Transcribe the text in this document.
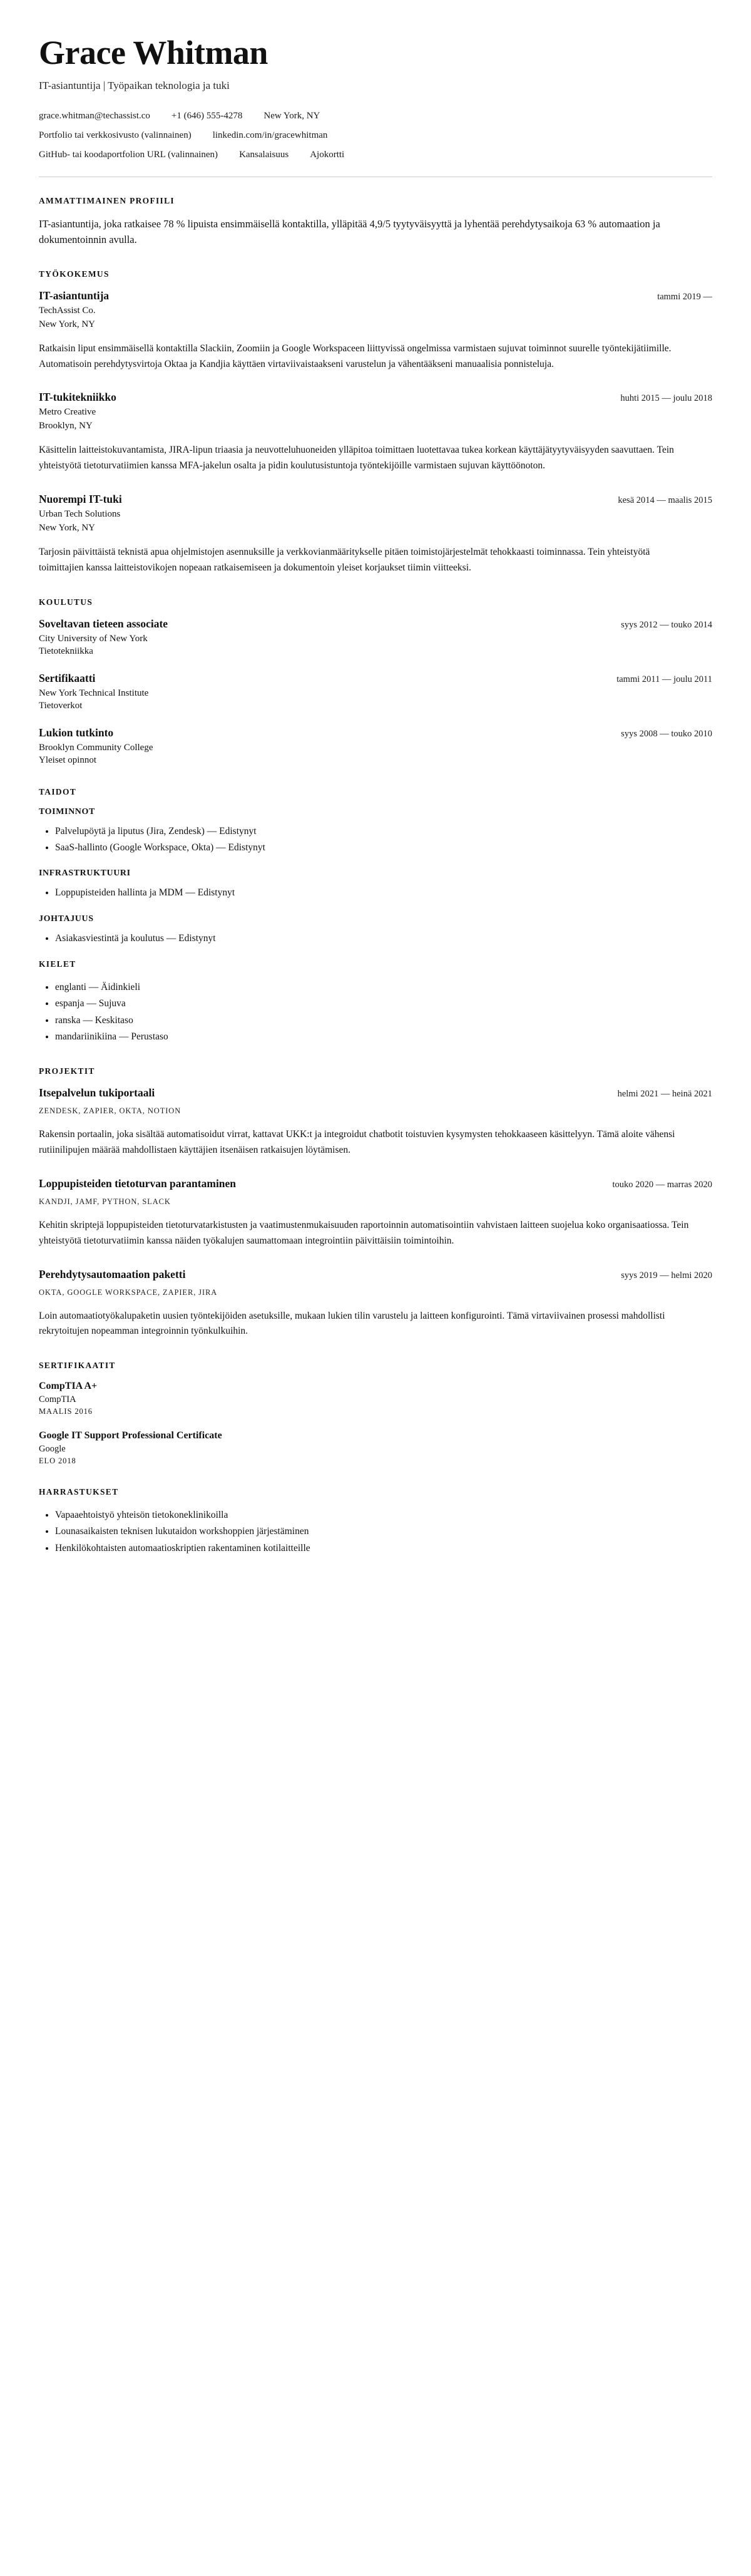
Grace Whitman
IT-asiantuntija | Työpaikan teknologia ja tuki
grace.whitman@techassist.co +1 (646) 555-4278 New York, NY
Portfolio tai verkkosivusto (valinnainen) linkedin.com/in/gracewhitman
GitHub- tai koodaportfolion URL (valinnainen) Kansalaisuus Ajokortti
AMMATTIMAINEN PROFIILI

IT-asiantuntija, joka ratkaisee 78 % lipuista ensimmäisellä kontaktilla, ylläpitää 4,9/5 tyytyväisyyttä ja lyhentää perehdytysaikoja 63 % automaation ja dokumentoinnin avulla.

TYÖKOKEMUS
IT-asiantuntija	tammi 2019 —
TechAssist Co.
New York, NY

Ratkaisin liput ensimmäisellä kontaktilla Slackiin, Zoomiin ja Google Workspaceen liittyvissä ongelmissa varmistaen sujuvat toiminnot suurelle työntekijätiimille. Automatisoin perehdytysvirtoja Oktaa ja Kandjia käyttäen virtaviivaistaakseni varustelun ja vähentääkseni manuaalisia ponnisteluja.

IT-tukitekniikko	huhti 2015 — joulu 2018
Metro Creative
Brooklyn, NY

Käsittelin laitteistokuvantamista, JIRA-lipun triaasia ja neuvotteluhuoneiden ylläpitoa toimittaen luotettavaa tukea korkean käyttäjätyytyväisyyden saavuttaen. Tein yhteistyötä tietoturvatiimien kanssa MFA-jakelun osalta ja pidin koulutusistuntoja työntekijöille varmistaen sujuvan käyttöönoton.

Nuorempi IT-tuki	kesä 2014 — maalis 2015
Urban Tech Solutions
New York, NY

Tarjosin päivittäistä teknistä apua ohjelmistojen asennuksille ja verkkovianmääritykselle pitäen toimistojärjestelmät tehokkaasti toiminnassa. Tein yhteistyötä toimittajien kanssa laitteistovikojen nopeaan ratkaisemiseen ja dokumentoin yleiset korjaukset tiimin viitteeksi.

KOULUTUS
Soveltavan tieteen associate	syys 2012 — touko 2014
City University of New York
Tietotekniikka
Sertifikaatti	tammi 2011 — joulu 2011
New York Technical Institute
Tietoverkot
Lukion tutkinto	syys 2008 — touko 2010
Brooklyn Community College
Yleiset opinnot
TAIDOT
TOIMINNOT
• Palvelupöytä ja liputus (Jira, Zendesk) — Edistynyt
• SaaS-hallinto (Google Workspace, Okta) — Edistynyt
INFRASTRUKTUURI
• Loppupisteiden hallinta ja MDM — Edistynyt
JOHTAJUUS
• Asiakasviestintä ja koulutus — Edistynyt
KIELET
• englanti — Äidinkieli
• espanja — Sujuva
• ranska — Keskitaso
• mandariinikiina — Perustaso
PROJEKTIT
Itsepalvelun tukiportaali	helmi 2021 — heinä 2021
ZENDESK, ZAPIER, OKTA, NOTION

Rakensin portaalin, joka sisältää automatisoidut virrat, kattavat UKK:t ja integroidut chatbotit toistuvien kysymysten tehokkaaseen käsittelyyn. Tämä aloite vähensi rutiinilipujen määrää mahdollistaen käyttäjien itsenäisen ratkaisujen löytämisen.

Loppupisteiden tietoturvan parantaminen	touko 2020 — marras 2020
KANDJI, JAMF, PYTHON, SLACK

Kehitin skriptejä loppupisteiden tietoturvatarkistusten ja vaatimustenmukaisuuden raportoinnin automatisointiin vahvistaen laitteen suojelua koko organisaatiossa. Tein yhteistyötä tietoturvatiimin kanssa näiden työkalujen saumattomaan integrointiin päivittäisiin toimintoihin.

Perehdytysautomaation paketti	syys 2019 — helmi 2020
OKTA, GOOGLE WORKSPACE, ZAPIER, JIRA

Loin automaatiotyökalupaketin uusien työntekijöiden asetuksille, mukaan lukien tilin varustelu ja laitteen konfigurointi. Tämä virtaviivainen prosessi mahdollisti rekrytoitujen nopeamman integroinnin työnkulkuihin.

SERTIFIKAATIT
CompTIA A+
CompTIA
MAALIS 2016
Google IT Support Professional Certificate
Google
ELO 2018
HARRASTUKSET
• Vapaaehtoistyö yhteisön tietokoneklinikoilla
• Lounasaikaisten teknisen lukutaidon workshoppien järjestäminen
• Henkilökohtaisten automaatioskriptien rakentaminen kotilaitteille
